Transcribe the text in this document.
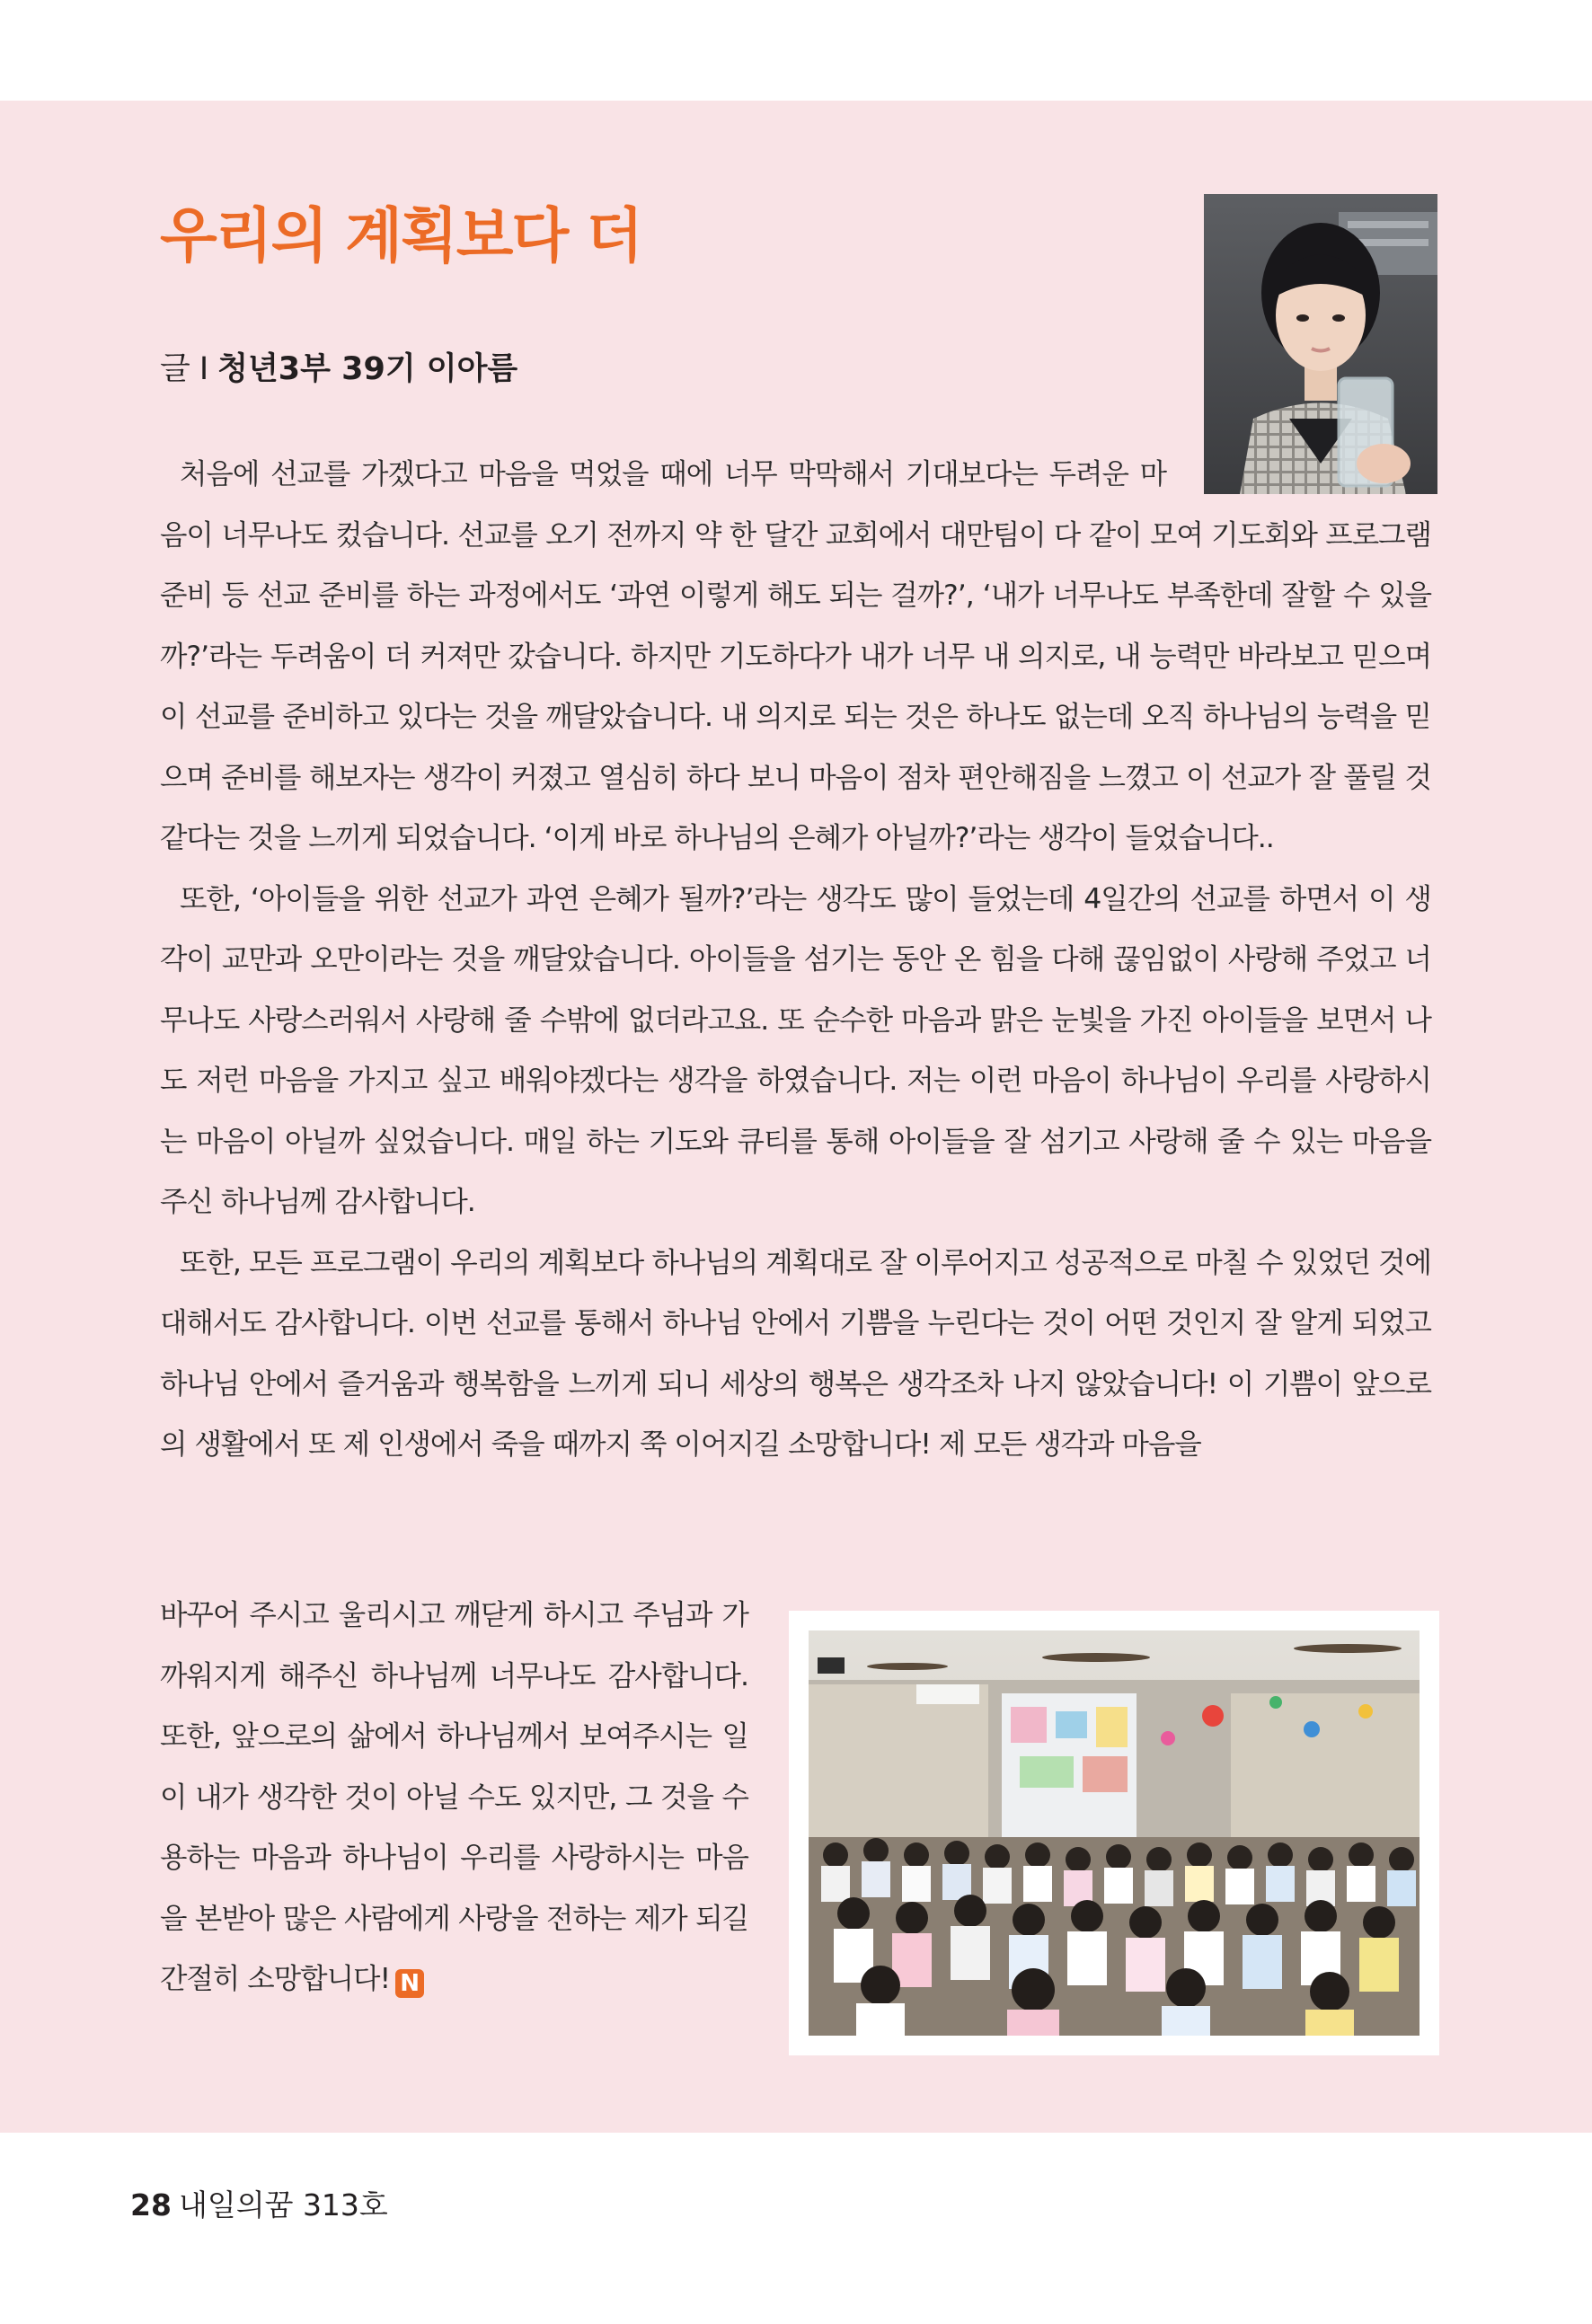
우리의 계획보다 더
글 I 청년3부 39기 이아름

처음에 선교를 가겠다고 마음을 먹었을 때에 너무 막막해서 기대보다는 두려운 마
음이 너무나도 컸습니다. 선교를 오기 전까지 약 한 달간 교회에서 대만팀이 다 같이 모여 기도회와 프로그램 준비 등 선교 준비를 하는 과정에서도 ‘과연 이렇게 해도 되는 걸까?’, ‘내가 너무나도 부족한데 잘할 수 있을까?’라는 두려움이 더 커져만 갔습니다. 하지만 기도하다가 내가 너무 내 의지로, 내 능력만 바라보고 믿으며 이 선교를 준비하고 있다는 것을 깨달았습니다. 내 의지로 되는 것은 하나도 없는데 오직 하나님의 능력을 믿으며 준비를 해보자는 생각이 커졌고 열심히 하다 보니 마음이 점차 편안해짐을 느꼈고 이 선교가 잘 풀릴 것 같다는 것을 느끼게 되었습니다. ‘이게 바로 하나님의 은혜가 아닐까?’라는 생각이 들었습니다..

또한, ‘아이들을 위한 선교가 과연 은혜가 될까?’라는 생각도 많이 들었는데 4일간의 선교를 하면서 이 생각이 교만과 오만이라는 것을 깨달았습니다. 아이들을 섬기는 동안 온 힘을 다해 끊임없이 사랑해 주었고 너무나도 사랑스러워서 사랑해 줄 수밖에 없더라고요. 또 순수한 마음과 맑은 눈빛을 가진 아이들을 보면서 나도 저런 마음을 가지고 싶고 배워야겠다는 생각을 하였습니다. 저는 이런 마음이 하나님이 우리를 사랑하시는 마음이 아닐까 싶었습니다. 매일 하는 기도와 큐티를 통해 아이들을 잘 섬기고 사랑해 줄 수 있는 마음을 주신 하나님께 감사합니다.

또한, 모든 프로그램이 우리의 계획보다 하나님의 계획대로 잘 이루어지고 성공적으로 마칠 수 있었던 것에 대해서도 감사합니다. 이번 선교를 통해서 하나님 안에서 기쁨을 누린다는 것이 어떤 것인지 잘 알게 되었고 하나님 안에서 즐거움과 행복함을 느끼게 되니 세상의 행복은 생각조차 나지 않았습니다! 이 기쁨이 앞으로의 생활에서 또 제 인생에서 죽을 때까지 쭉 이어지길 소망합니다! 제 모든 생각과 마음을

바꾸어 주시고 울리시고 깨닫게 하시고 주님과 가까워지게 해주신 하나님께 너무나도 감사합니다. 또한, 앞으로의 삶에서 하나님께서 보여주시는 일이 내가 생각한 것이 아닐 수도 있지만, 그 것을 수용하는 마음과 하나님이 우리를 사랑하시는 마음을 본받아 많은 사람에게 사랑을 전하는 제가 되길 간절히 소망합니다! N

28 내일의꿈 313호
